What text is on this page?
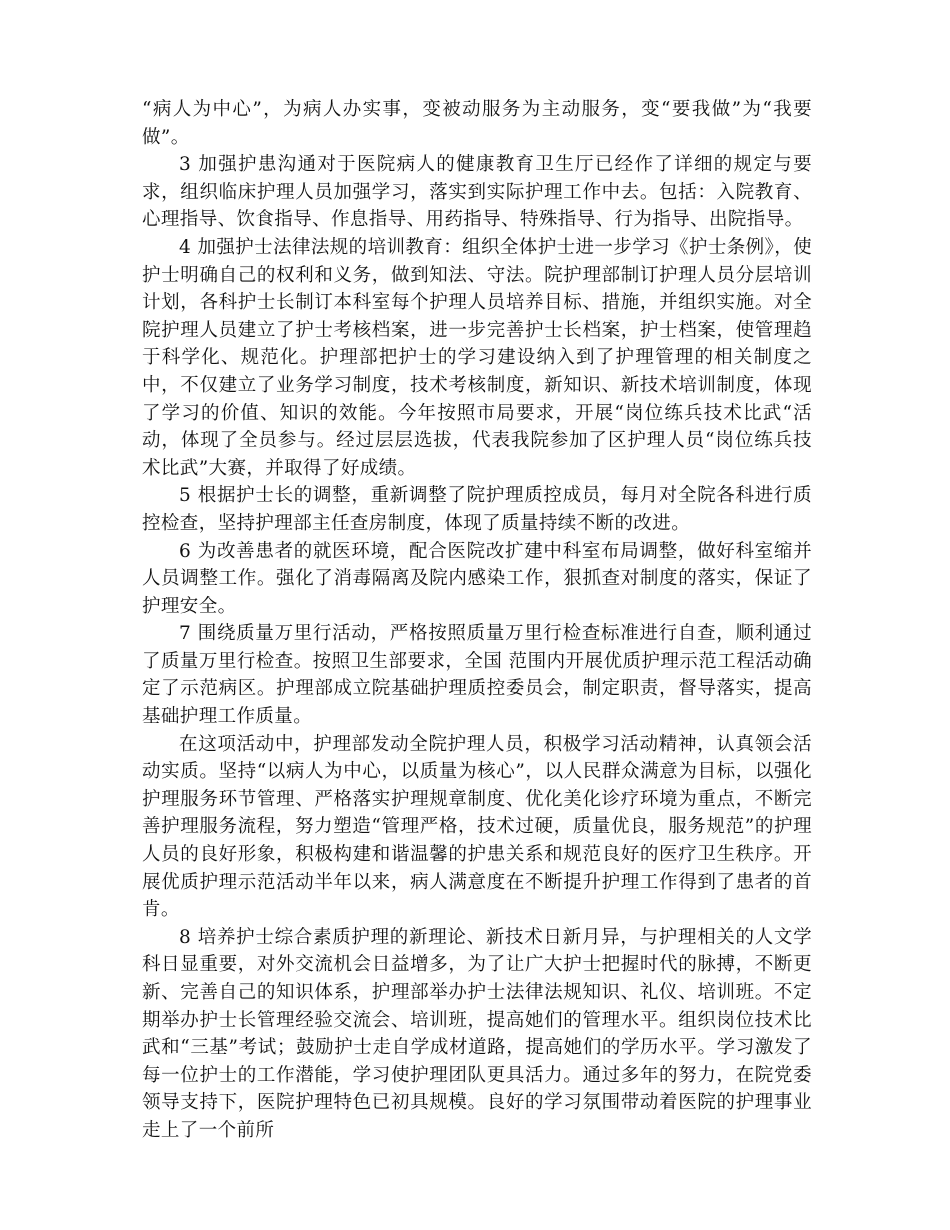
“病人为中心”，为病人办实事，变被动服务为主动服务，变“要我做”为“我要做”。

3 加强护患沟通对于医院病人的健康教育卫生厅已经作了详细的规定与要求，组织临床护理人员加强学习，落实到实际护理工作中去。包括：入院教育、心理指导、饮食指导、作息指导、用药指导、特殊指导、行为指导、出院指导。

4 加强护士法律法规的培训教育：组织全体护士进一步学习《护士条例》，使护士明确自己的权利和义务，做到知法、守法。院护理部制订护理人员分层培训计划，各科护士长制订本科室每个护理人员培养目标、措施，并组织实施。对全院护理人员建立了护士考核档案，进一步完善护士长档案，护士档案，使管理趋于科学化、规范化。护理部把护士的学习建设纳入到了护理管理的相关制度之中，不仅建立了业务学习制度，技术考核制度，新知识、新技术培训制度，体现了学习的价值、知识的效能。今年按照市局要求，开展“岗位练兵技术比武“活动，体现了全员参与。经过层层选拔，代表我院参加了区护理人员“岗位练兵技术比武”大赛，并取得了好成绩。

5 根据护士长的调整，重新调整了院护理质控成员，每月对全院各科进行质控检查，坚持护理部主任查房制度，体现了质量持续不断的改进。

6 为改善患者的就医环境，配合医院改扩建中科室布局调整，做好科室缩并人员调整工作。强化了消毒隔离及院内感染工作，狠抓查对制度的落实，保证了护理安全。

7 围绕质量万里行活动，严格按照质量万里行检查标准进行自查，顺利通过了质量万里行检查。按照卫生部要求，全国 范围内开展优质护理示范工程活动确定了示范病区。护理部成立院基础护理质控委员会，制定职责，督导落实，提高基础护理工作质量。

在这项活动中，护理部发动全院护理人员，积极学习活动精神，认真领会活动实质。坚持“以病人为中心，以质量为核心”，以人民群众满意为目标，以强化护理服务环节管理、严格落实护理规章制度、优化美化诊疗环境为重点，不断完善护理服务流程，努力塑造“管理严格，技术过硬，质量优良，服务规范”的护理人员的良好形象，积极构建和谐温馨的护患关系和规范良好的医疗卫生秩序。开展优质护理示范活动半年以来，病人满意度在不断提升护理工作得到了患者的首肯。

8 培养护士综合素质护理的新理论、新技术日新月异，与护理相关的人文学科日显重要，对外交流机会日益增多，为了让广大护士把握时代的脉搏，不断更新、完善自己的知识体系，护理部举办护士法律法规知识、礼仪、培训班。不定期举办护士长管理经验交流会、培训班，提高她们的管理水平。组织岗位技术比武和“三基”考试；鼓励护士走自学成材道路，提高她们的学历水平。学习激发了每一位护士的工作潜能，学习使护理团队更具活力。通过多年的努力，在院党委领导支持下，医院护理特色已初具规模。良好的学习氛围带动着医院的护理事业走上了一个前所
